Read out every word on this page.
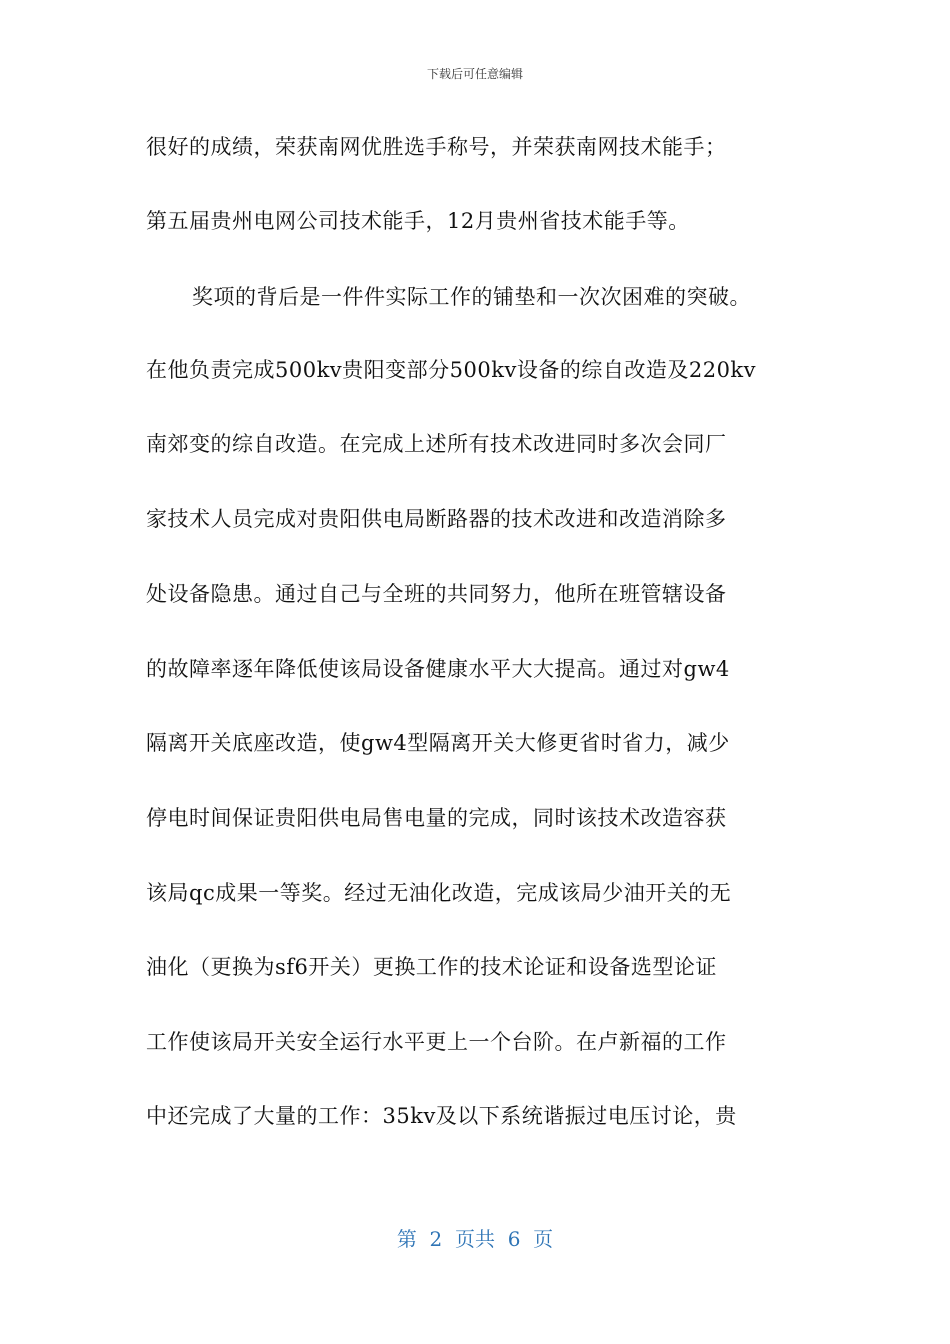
下载后可任意编辑
很好的成绩，荣获南网优胜选手称号，并荣获南网技术能手；
第五届贵州电网公司技术能手，12月贵州省技术能手等。
奖项的背后是一件件实际工作的铺垫和一次次困难的突破。
在他负责完成500kv贵阳变部分500kv设备的综自改造及220kv
南郊变的综自改造。在完成上述所有技术改进同时多次会同厂
家技术人员完成对贵阳供电局断路器的技术改进和改造消除多
处设备隐患。通过自己与全班的共同努力，他所在班管辖设备
的故障率逐年降低使该局设备健康水平大大提高。通过对gw4
隔离开关底座改造，使gw4型隔离开关大修更省时省力，减少
停电时间保证贵阳供电局售电量的完成，同时该技术改造容获
该局qc成果一等奖。经过无油化改造，完成该局少油开关的无
油化（更换为sf6开关）更换工作的技术论证和设备选型论证
工作使该局开关安全运行水平更上一个台阶。在卢新福的工作
中还完成了大量的工作：35kv及以下系统谐振过电压讨论，贵
第  2  页共  6  页
